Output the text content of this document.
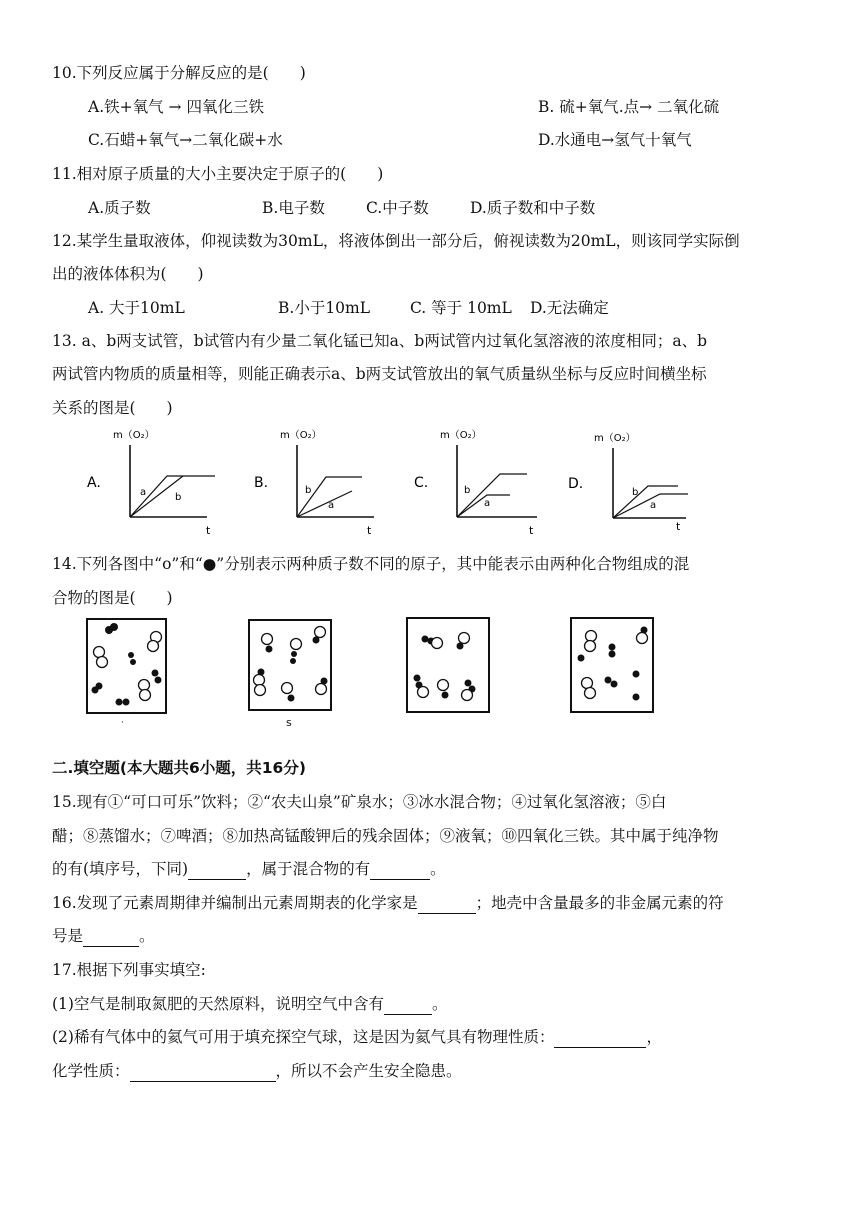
10.下列反应属于分解反应的是(　　)
A.铁+氧气 → 四氧化三铁	B. 硫+氧气.点→ 二氧化硫
C.石蜡+氧气→二氧化碳+水	D.水通电→氢气十氧气
11.相对原子质量的大小主要决定于原子的(　　)
A.质子数	B.电子数	C.中子数	D.质子数和中子数
12.某学生量取液体，仰视读数为30mL，将液体倒出一部分后，俯视读数为20mL，则该同学实际倒
出的液体体积为(　　)
A. 大于10mL	B.小于10mL	C. 等于 10mL D.无法确定
13. a、b两支试管，b试管内有少量二氧化锰已知a、b两试管内过氧化氢溶液的浓度相同；a、b
两试管内物质的质量相等，则能正确表示a、b两支试管放出的氧气质量纵坐标与反应时间横坐标
关系的图是(　　)
m（O₂）
A.
a	b
t
m（O₂）
B.	b
a
t
m（O₂）
C.	b
a
t
m（O₂）
D.
b
a
t
14.下列各图中“o”和“●”分别表示两种质子数不同的原子，其中能表示由两种化合物组成的混
合物的图是(　　)
·	s
二.填空题(本大题共6小题，共16分)
15.现有①“可口可乐”饮料；②“农夫山泉”矿泉水；③冰水混合物；④过氧化氢溶液；⑤白
醋；⑧蒸馏水；⑦啤酒；⑧加热高锰酸钾后的残余固体；⑨液氧；⑩四氧化三铁。其中属于纯净物
的有(填序号，下同)	，属于混合物的有	。
16.发现了元素周期律并编制出元素周期表的化学家是	；地壳中含量最多的非金属元素的符
号是	。
17.根据下列事实填空:
(1)空气是制取氮肥的天然原料，说明空气中含有	。
(2)稀有气体中的氦气可用于填充探空气球，这是因为氦气具有物理性质：	，
化学性质：	，所以不会产生安全隐患。
